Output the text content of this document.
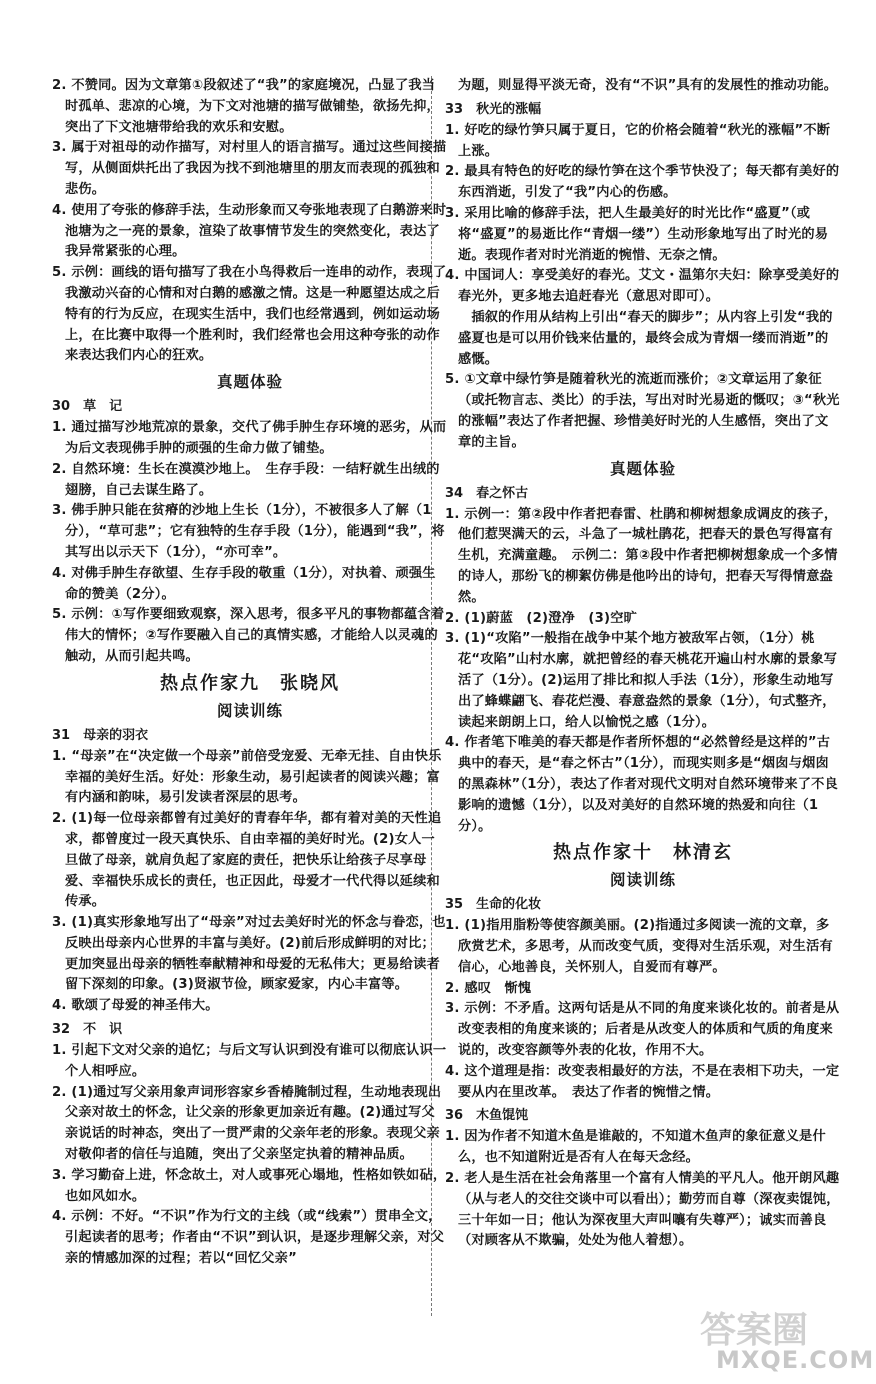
2. 不赞同。因为文章第①段叙述了“我”的家庭境况，凸显了我当时孤单、悲凉的心境，为下文对池塘的描写做铺垫，欲扬先抑，突出了下文池塘带给我的欢乐和安慰。

3. 属于对祖母的动作描写，对村里人的语言描写。通过这些间接描写，从侧面烘托出了我因为找不到池塘里的朋友而表现的孤独和悲伤。

4. 使用了夸张的修辞手法，生动形象而又夸张地表现了白鹅游来时池塘为之一亮的景象，渲染了故事情节发生的突然变化，表达了我异常紧张的心理。

5. 示例：画线的语句描写了我在小鸟得救后一连串的动作，表现了我激动兴奋的心情和对白鹅的感激之情。这是一种愿望达成之后特有的行为反应，在现实生活中，我们也经常遇到，例如运动场上，在比赛中取得一个胜利时，我们经常也会用这种夸张的动作来表达我们内心的狂欢。

真题体验

30　草　记

1. 通过描写沙地荒凉的景象，交代了佛手肿生存环境的恶劣，从而为后文表现佛手肿的顽强的生命力做了铺垫。

2. 自然环境：生长在漠漠沙地上。　生存手段：一结籽就生出绒的翅膀，自己去谋生路了。

3. 佛手肿只能在贫瘠的沙地上生长（1分），不被很多人了解（1分），“草可悲”；它有独特的生存手段（1分），能遇到“我”，将其写出以示天下（1分），“亦可幸”。

4. 对佛手肿生存欲望、生存手段的敬重（1分），对执着、顽强生命的赞美（2分）。

5. 示例：①写作要细致观察，深入思考，很多平凡的事物都蕴含着伟大的情怀；②写作要融入自己的真情实感，才能给人以灵魂的触动，从而引起共鸣。

热点作家九　张晓风
阅读训练

31　母亲的羽衣

1. “母亲”在“决定做一个母亲”前倍受宠爱、无牵无挂、自由快乐幸福的美好生活。好处：形象生动，易引起读者的阅读兴趣；富有内涵和韵味，易引发读者深层的思考。

2. (1)每一位母亲都曾有过美好的青春年华，都有着对美的天性追求，都曾度过一段天真快乐、自由幸福的美好时光。(2)女人一旦做了母亲，就肩负起了家庭的责任，把快乐让给孩子尽享母爱、幸福快乐成长的责任，也正因此，母爱才一代代得以延续和传承。

3. (1)真实形象地写出了“母亲”对过去美好时光的怀念与眷恋，也反映出母亲内心世界的丰富与美好。(2)前后形成鲜明的对比；更加突显出母亲的牺牲奉献精神和母爱的无私伟大；更易给读者留下深刻的印象。(3)贤淑节俭，顾家爱家，内心丰富等。

4. 歌颂了母爱的神圣伟大。

32　不　识

1. 引起下文对父亲的追忆；与后文写认识到没有谁可以彻底认识一个人相呼应。

2. (1)通过写父亲用象声词形容家乡香椿腌制过程，生动地表现出父亲对故土的怀念，让父亲的形象更加亲近有趣。(2)通过写父亲说话的时神态，突出了一贯严肃的父亲年老的形象。表现父亲对敬仰者的信任与追随，突出了父亲坚定执着的精神品质。

3. 学习勤奋上进，怀念故土，对人或事死心塌地，性格如铁如砧，也如风如水。

4. 示例：不好。“不识”作为行文的主线（或“线索”）贯串全文，引起读者的思考；作者由“不识”到认识，是逐步理解父亲，对父亲的情感加深的过程；若以“回忆父亲”

为题，则显得平淡无奇，没有“不识”具有的发展性的推动功能。

33　秋光的涨幅

1. 好吃的绿竹笋只属于夏日，它的价格会随着“秋光的涨幅”不断上涨。

2. 最具有特色的好吃的绿竹笋在这个季节快没了；每天都有美好的东西消逝，引发了“我”内心的伤感。

3. 采用比喻的修辞手法，把人生最美好的时光比作“盛夏”（或将“盛夏”的易逝比作“青烟一缕”）生动形象地写出了时光的易逝。表现作者对时光消逝的惋惜、无奈之情。

4. 中国词人：享受美好的春光。艾文・温第尔夫妇：除享受美好的春光外，更多地去追赶春光（意思对即可）。

　插叙的作用从结构上引出“春天的脚步”；从内容上引发“我的盛夏也是可以用价钱来估量的，最终会成为青烟一缕而消逝”的感慨。

5. ①文章中绿竹笋是随着秋光的流逝而涨价；②文章运用了象征（或托物言志、类比）的手法，写出对时光易逝的慨叹；③“秋光的涨幅”表达了作者把握、珍惜美好时光的人生感悟，突出了文章的主旨。

真题体验

34　春之怀古

1. 示例一：第②段中作者把春雷、杜鹃和柳树想象成调皮的孩子，他们惹哭满天的云，斗急了一城杜鹃花，把春天的景色写得富有生机，充满童趣。　示例二：第②段中作者把柳树想象成一个多情的诗人，那纷飞的柳絮仿佛是他吟出的诗句，把春天写得情意盎然。

2. (1)蔚蓝　(2)澄净　(3)空旷

3. (1)“攻陷”一般指在战争中某个地方被敌军占领，（1分）桃花“攻陷”山村水廓，就把曾经的春天桃花开遍山村水廓的景象写活了（1分）。(2)运用了排比和拟人手法（1分），形象生动地写出了蜂蝶翩飞、春花烂漫、春意盎然的景象（1分），句式整齐，读起来朗朗上口，给人以愉悦之感（1分）。

4. 作者笔下唯美的春天都是作者所怀想的“必然曾经是这样的”古典中的春天，是“春之怀古”（1分），而现实则多是“烟囱与烟囱的黑森林”（1分），表达了作者对现代文明对自然环境带来了不良影响的遗憾（1分），以及对美好的自然环境的热爱和向往（1分）。

热点作家十　林清玄
阅读训练

35　生命的化妆

1. (1)指用脂粉等使容颜美丽。(2)指通过多阅读一流的文章，多欣赏艺术，多思考，从而改变气质，变得对生活乐观，对生活有信心，心地善良，关怀别人，自爱而有尊严。

2. 感叹　惭愧

3. 示例：不矛盾。这两句话是从不同的角度来谈化妆的。前者是从改变表相的角度来谈的；后者是从改变人的体质和气质的角度来说的，改变容颜等外表的化妆，作用不大。

4. 这个道理是指：改变表相最好的方法，不是在表相下功夫，一定要从内在里改革。　表达了作者的惋惜之情。

36　木鱼馄饨

1. 因为作者不知道木鱼是谁敲的，不知道木鱼声的象征意义是什么，也不知道附近是否有人在每天念经。

2. 老人是生活在社会角落里一个富有人情美的平凡人。他开朗风趣（从与老人的交往交谈中可以看出）；勤劳而自尊（深夜卖馄饨，三十年如一日；他认为深夜里大声叫嚷有失尊严）；诚实而善良（对顾客从不欺骗，处处为他人着想）。

答案圈
MXQE.COM
